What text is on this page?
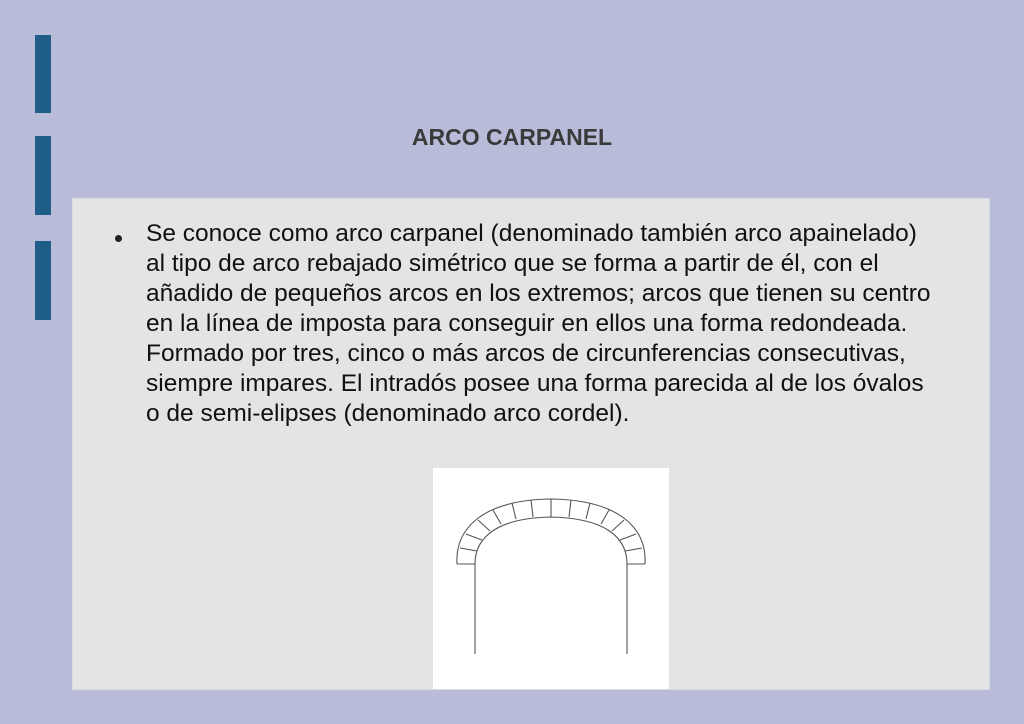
ARCO CARPANEL

Se conoce como arco carpanel (denominado también arco apainelado) al tipo de arco rebajado simétrico que se forma a partir de él, con el añadido de pequeños arcos en los extremos; arcos que tienen su centro en la línea de imposta para conseguir en ellos una forma redondeada. Formado por tres, cinco o más arcos de circunferencias consecutivas, siempre impares. El intradós posee una forma parecida al de los óvalos o de semi-elipses (denominado arco cordel).
